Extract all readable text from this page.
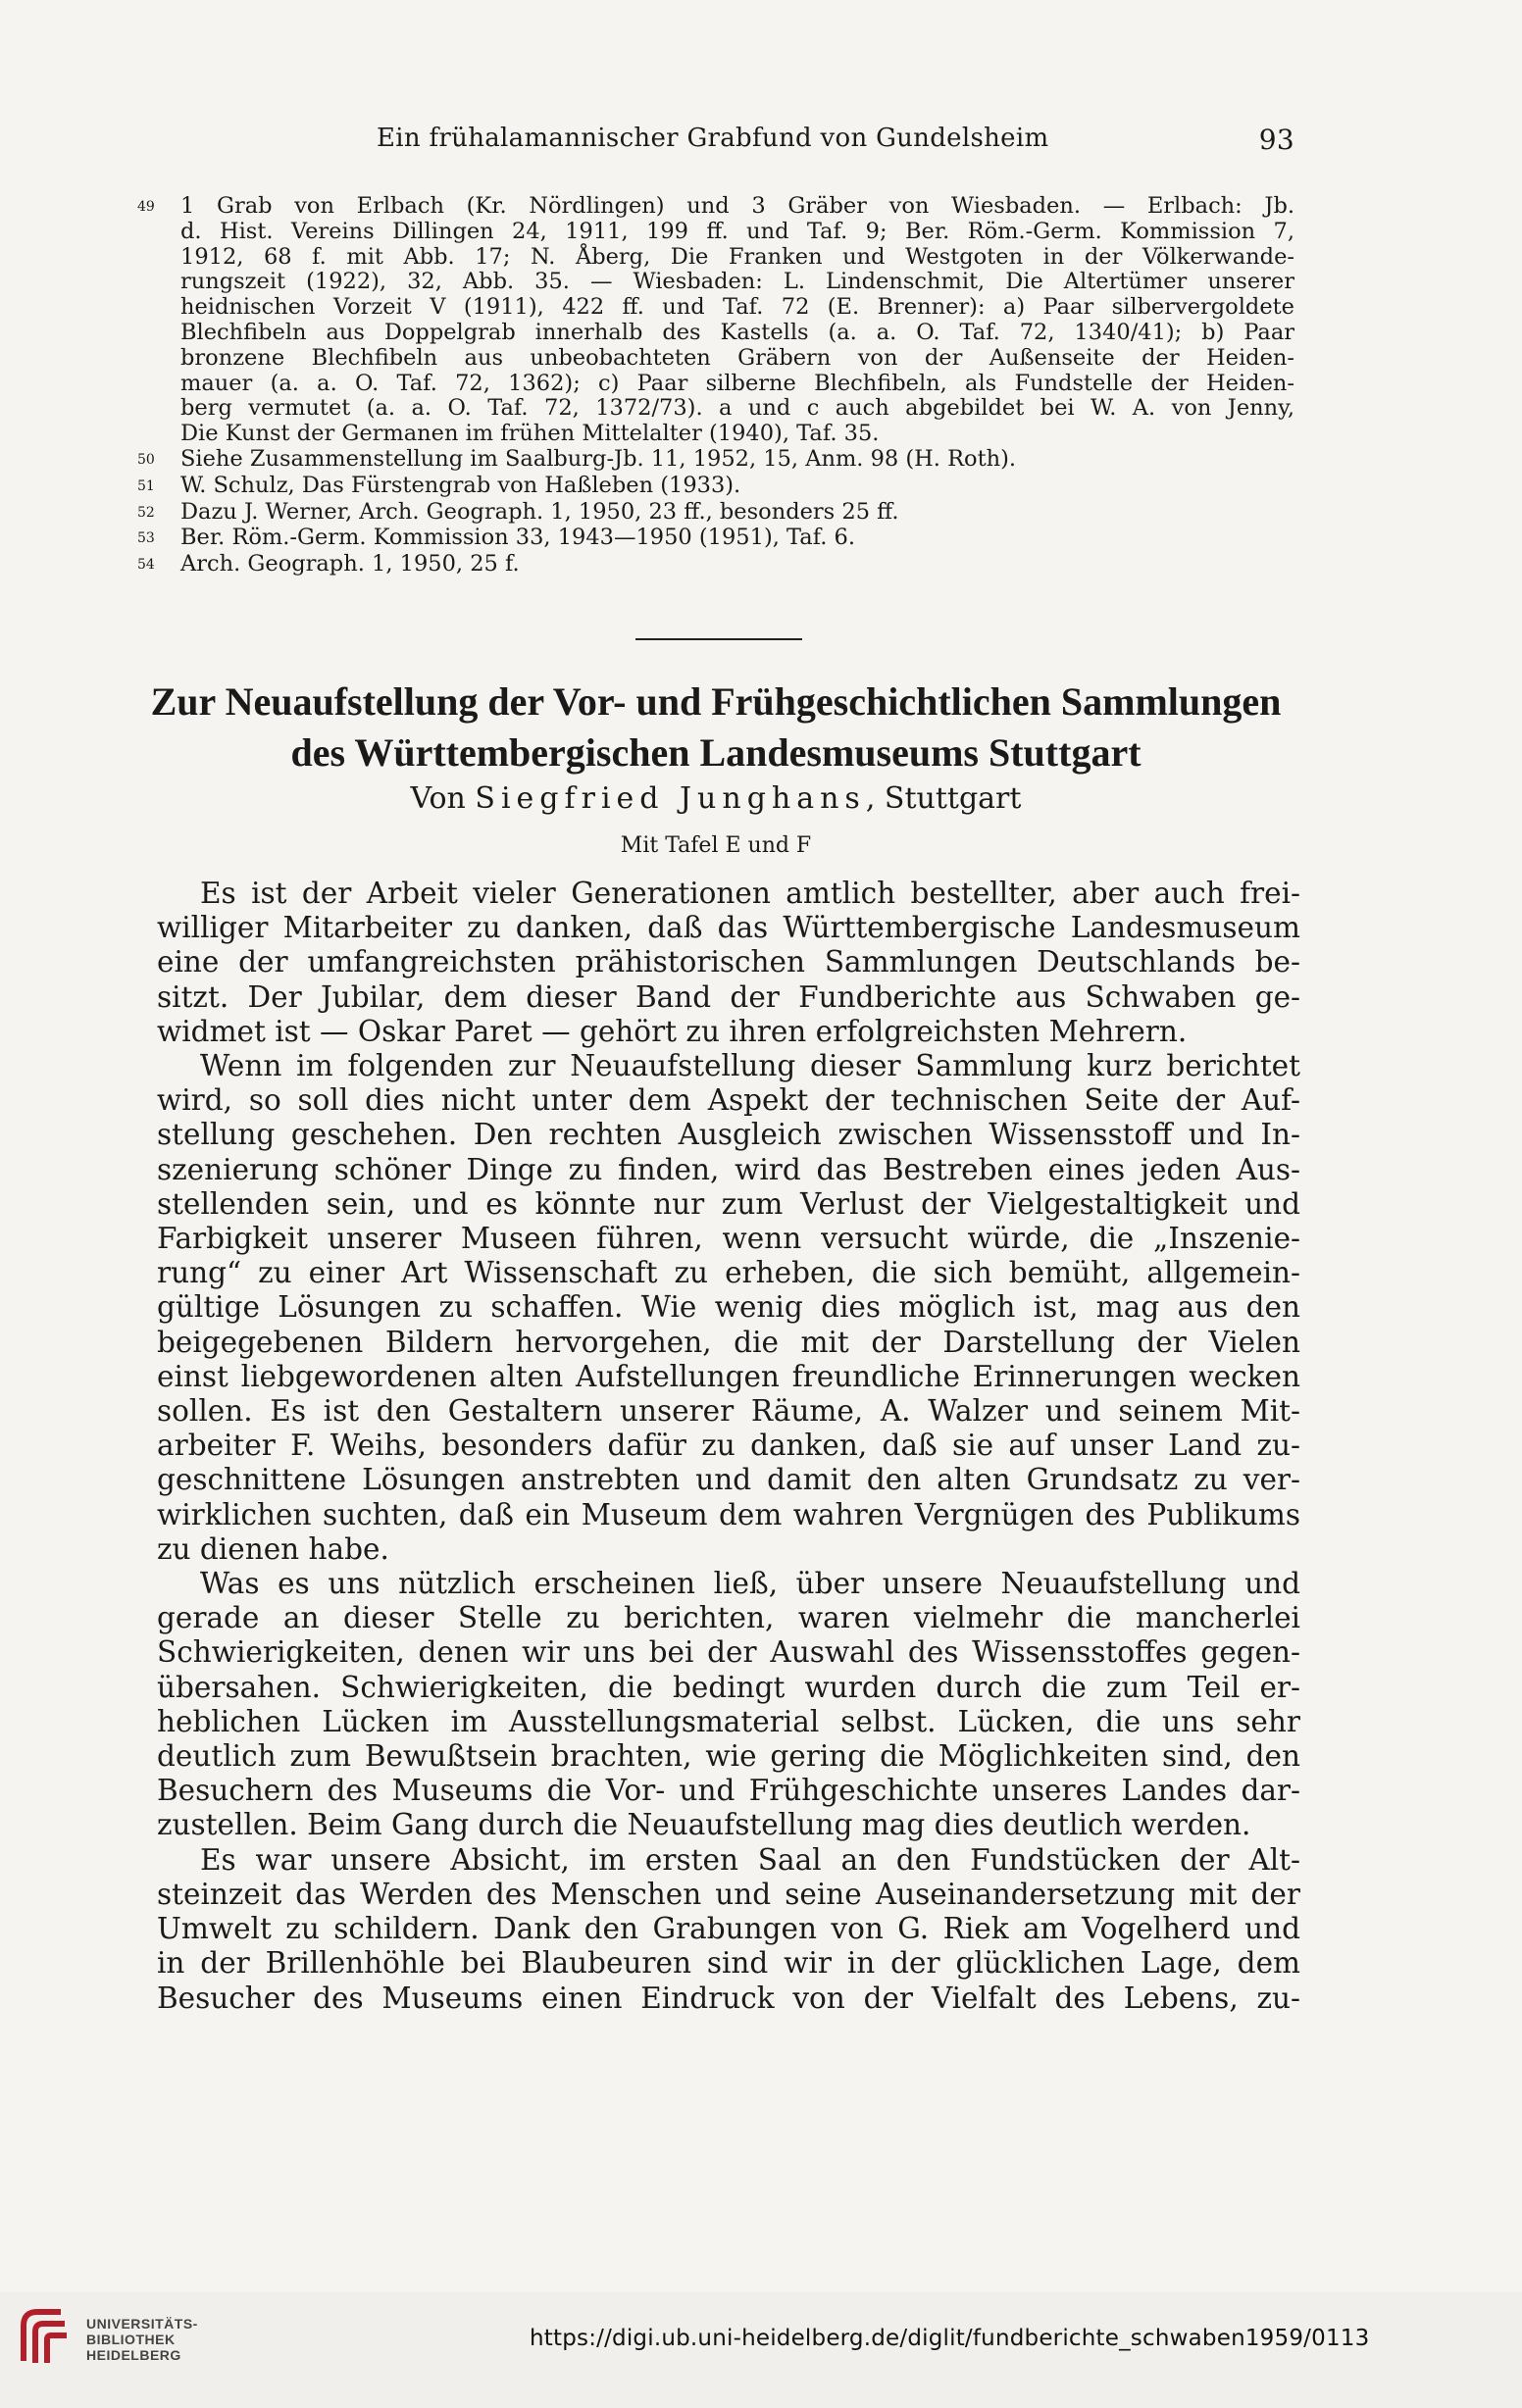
Ein frühalamannischer Grabfund von Gundelsheim	93
49	1 Grab von Erlbach (Kr. Nördlingen) und 3 Gräber von Wiesbaden. — Erlbach: Jb.
d. Hist. Vereins Dillingen 24, 1911, 199 ff. und Taf. 9; Ber. Röm.-Germ. Kommission 7,
1912, 68 f. mit Abb. 17; N. Åberg, Die Franken und Westgoten in der Völkerwande-
rungszeit (1922), 32, Abb. 35. — Wiesbaden: L. Lindenschmit, Die Altertümer unserer
heidnischen Vorzeit V (1911), 422 ff. und Taf. 72 (E. Brenner): a) Paar silbervergoldete
Blechfibeln aus Doppelgrab innerhalb des Kastells (a. a. O. Taf. 72, 1340/41); b) Paar
bronzene Blechfibeln aus unbeobachteten Gräbern von der Außenseite der Heiden-
mauer (a. a. O. Taf. 72, 1362); c) Paar silberne Blechfibeln, als Fundstelle der Heiden-
berg vermutet (a. a. O. Taf. 72, 1372/73). a und c auch abgebildet bei W. A. von Jenny,
Die Kunst der Germanen im frühen Mittelalter (1940), Taf. 35.
50	Siehe Zusammenstellung im Saalburg-Jb. 11, 1952, 15, Anm. 98 (H. Roth).
51	W. Schulz, Das Fürstengrab von Haßleben (1933).
52	Dazu J. Werner, Arch. Geograph. 1, 1950, 23 ff., besonders 25 ff.
53	Ber. Röm.-Germ. Kommission 33, 1943—1950 (1951), Taf. 6.
54	Arch. Geograph. 1, 1950, 25 f.
Zur Neuaufstellung der Vor- und Frühgeschichtlichen Sammlungen
des Württembergischen Landesmuseums Stuttgart
Von Siegfried Junghans, Stuttgart
Mit Tafel E und F
Es ist der Arbeit vieler Generationen amtlich bestellter, aber auch frei-
williger Mitarbeiter zu danken, daß das Württembergische Landesmuseum
eine der umfangreichsten prähistorischen Sammlungen Deutschlands be-
sitzt. Der Jubilar, dem dieser Band der Fundberichte aus Schwaben ge-
widmet ist — Oskar Paret — gehört zu ihren erfolgreichsten Mehrern.
Wenn im folgenden zur Neuaufstellung dieser Sammlung kurz berichtet
wird, so soll dies nicht unter dem Aspekt der technischen Seite der Auf-
stellung geschehen. Den rechten Ausgleich zwischen Wissensstoff und In-
szenierung schöner Dinge zu finden, wird das Bestreben eines jeden Aus-
stellenden sein, und es könnte nur zum Verlust der Vielgestaltigkeit und
Farbigkeit unserer Museen führen, wenn versucht würde, die „Inszenie-
rung“ zu einer Art Wissenschaft zu erheben, die sich bemüht, allgemein-
gültige Lösungen zu schaffen. Wie wenig dies möglich ist, mag aus den
beigegebenen Bildern hervorgehen, die mit der Darstellung der Vielen
einst liebgewordenen alten Aufstellungen freundliche Erinnerungen wecken
sollen. Es ist den Gestaltern unserer Räume, A. Walzer und seinem Mit-
arbeiter F. Weihs, besonders dafür zu danken, daß sie auf unser Land zu-
geschnittene Lösungen anstrebten und damit den alten Grundsatz zu ver-
wirklichen suchten, daß ein Museum dem wahren Vergnügen des Publikums
zu dienen habe.
Was es uns nützlich erscheinen ließ, über unsere Neuaufstellung und
gerade an dieser Stelle zu berichten, waren vielmehr die mancherlei
Schwierigkeiten, denen wir uns bei der Auswahl des Wissensstoffes gegen-
übersahen. Schwierigkeiten, die bedingt wurden durch die zum Teil er-
heblichen Lücken im Ausstellungsmaterial selbst. Lücken, die uns sehr
deutlich zum Bewußtsein brachten, wie gering die Möglichkeiten sind, den
Besuchern des Museums die Vor- und Frühgeschichte unseres Landes dar-
zustellen. Beim Gang durch die Neuaufstellung mag dies deutlich werden.
Es war unsere Absicht, im ersten Saal an den Fundstücken der Alt-
steinzeit das Werden des Menschen und seine Auseinandersetzung mit der
Umwelt zu schildern. Dank den Grabungen von G. Riek am Vogelherd und
in der Brillenhöhle bei Blaubeuren sind wir in der glücklichen Lage, dem
Besucher des Museums einen Eindruck von der Vielfalt des Lebens, zu-
UNIVERSITÄTS-
BIBLIOTHEK
HEIDELBERG
https://digi.ub.uni-heidelberg.de/diglit/fundberichte_schwaben1959/0113
